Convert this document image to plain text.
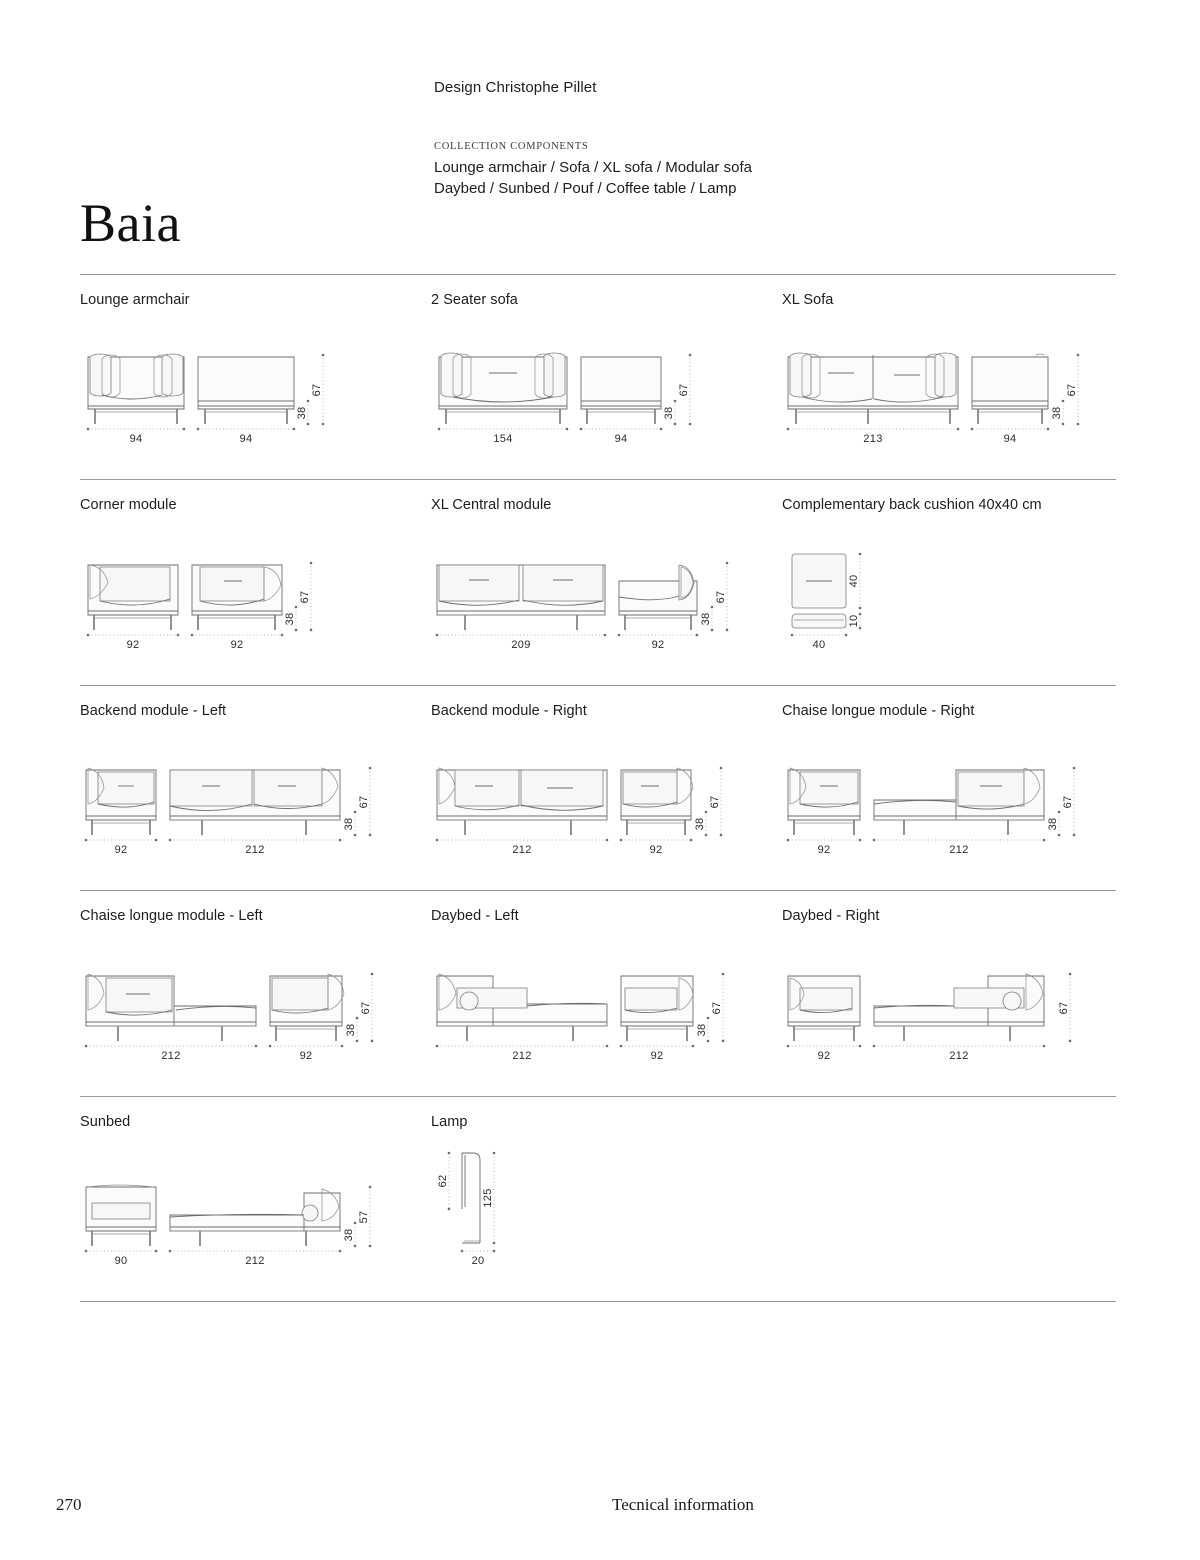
Design Christophe Pillet
COLLECTION COMPONENTS
Lounge armchair / Sofa / XL sofa / Modular sofa
Daybed / Sunbed / Pouf / Coffee table / Lamp
Baia
Lounge armchair
94	94
38
67
2 Seater sofa
154	94
38
67
XL Sofa
213	94
38
67
Corner module
92	92
38
67
XL Central module
209	92
38
67
Complementary back cushion 40x40 cm
40
40
10
Backend module - Left
92	212
38
67
Backend module - Right
212	92
38
67
Chaise longue module - Right
92	212
38
67
Chaise longue module - Left
212	92
38
67
Daybed - Left
212	92
38
67
Daybed - Right
92	212
67
Sunbed
90	212
38
57
Lamp
62
125
20
270	Tecnical information
